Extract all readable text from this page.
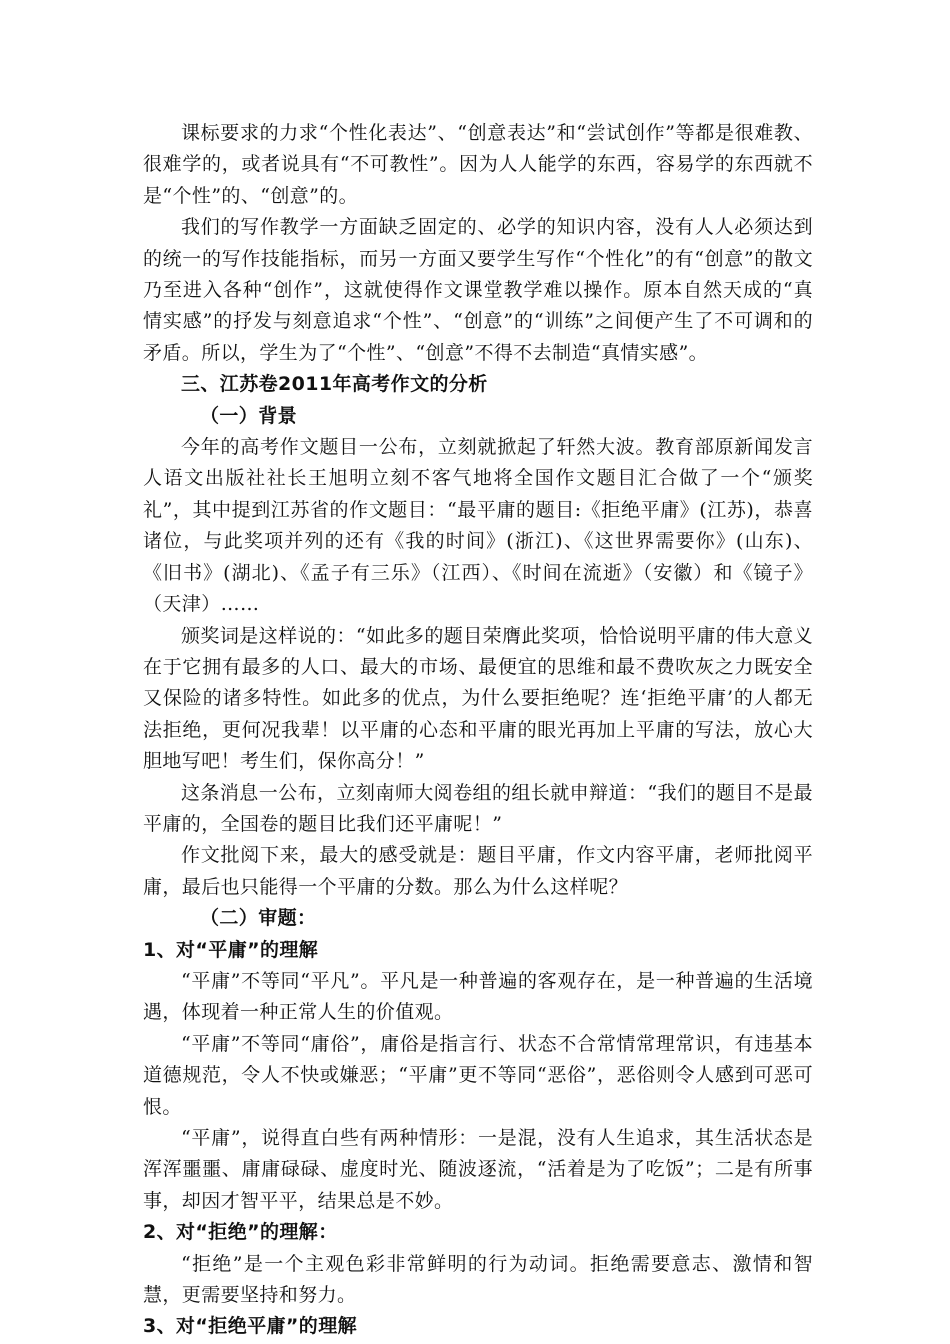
课标要求的力求“个性化表达”、“创意表达”和“尝试创作”等都是很难教、很难学的，或者说具有“不可教性”。因为人人能学的东西，容易学的东西就不是“个性”的、“创意”的。

我们的写作教学一方面缺乏固定的、必学的知识内容，没有人人必须达到的统一的写作技能指标，而另一方面又要学生写作“个性化”的有“创意”的散文乃至进入各种“创作”，这就使得作文课堂教学难以操作。原本自然天成的“真情实感”的抒发与刻意追求“个性”、“创意”的“训练”之间便产生了不可调和的矛盾。所以，学生为了“个性”、“创意”不得不去制造“真情实感”。

三、江苏卷2011年高考作文的分析

（一）背景

今年的高考作文题目一公布，立刻就掀起了轩然大波。教育部原新闻发言人语文出版社社长王旭明立刻不客气地将全国作文题目汇合做了一个“颁奖礼”，其中提到江苏省的作文题目：“最平庸的题目:《拒绝平庸》(江苏)，恭喜诸位，与此奖项并列的还有《我的时间》(浙江)、《这世界需要你》(山东)、《旧书》(湖北)、《孟子有三乐》（江西）、《时间在流逝》（安徽）和《镜子》（天津）……

颁奖词是这样说的：“如此多的题目荣膺此奖项，恰恰说明平庸的伟大意义在于它拥有最多的人口、最大的市场、最便宜的思维和最不费吹灰之力既安全又保险的诸多特性。如此多的优点，为什么要拒绝呢？连‘拒绝平庸’的人都无法拒绝，更何况我辈！以平庸的心态和平庸的眼光再加上平庸的写法，放心大胆地写吧！考生们，保你高分！”

这条消息一公布，立刻南师大阅卷组的组长就申辩道：“我们的题目不是最平庸的，全国卷的题目比我们还平庸呢！”

作文批阅下来，最大的感受就是：题目平庸，作文内容平庸，老师批阅平庸，最后也只能得一个平庸的分数。那么为什么这样呢？

（二）审题：

1、对“平庸”的理解

“平庸”不等同“平凡”。平凡是一种普遍的客观存在，是一种普遍的生活境遇，体现着一种正常人生的价值观。

“平庸”不等同“庸俗”，庸俗是指言行、状态不合常情常理常识，有违基本道德规范，令人不快或嫌恶；“平庸”更不等同“恶俗”，恶俗则令人感到可恶可恨。

“平庸”，说得直白些有两种情形：一是混，没有人生追求，其生活状态是浑浑噩噩、庸庸碌碌、虚度时光、随波逐流，“活着是为了吃饭”；二是有所事事，却因才智平平，结果总是不妙。

2、对“拒绝”的理解：

“拒绝”是一个主观色彩非常鲜明的行为动词。拒绝需要意志、激情和智慧，更需要坚持和努力。

3、对“拒绝平庸”的理解
